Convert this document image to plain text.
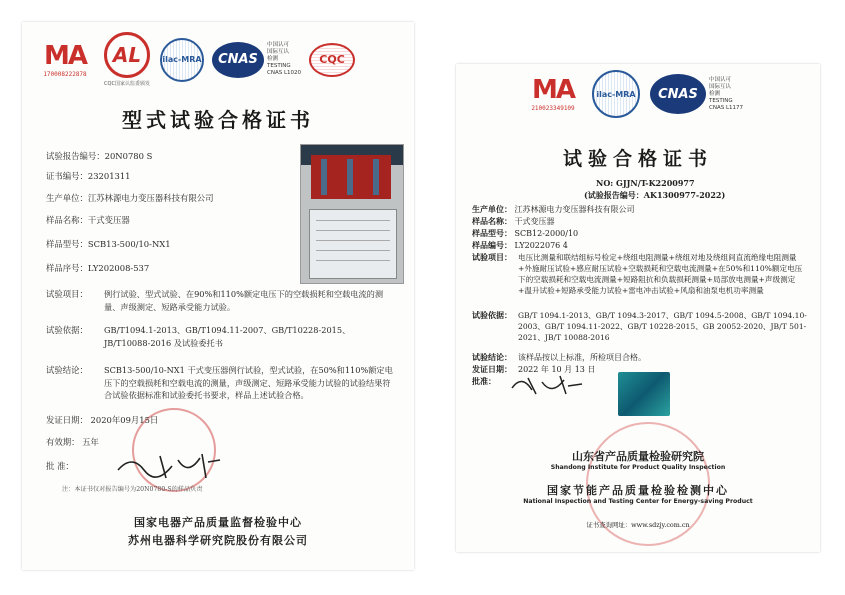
MA
170008222878
AL
CQC国家认监委颁发
ilac-MRA	CNAS
中国认可
国际互认
检测
TESTING
CNAS L1020
CQC
型式试验合格证书
试验报告编号：20N0780 S
证书编号：23201311
生产单位：江苏林源电力变压器科技有限公司
样品名称：干式变压器
样品型号：SCB13-500/10-NX1
样品序号：LY202008-537
试验项目： 例行试验、型式试验、在90%和110%额定电压下的空载损耗和空载电流的测量、声级测定、短路承受能力试验。
试验依据： GB/T1094.1-2013、GB/T1094.11-2007、GB/T10228-2015、JB/T10088-2016 及试验委托书
试验结论： SCB13-500/10-NX1 干式变压器例行试验，型式试验，在50%和110%额定电压下的空载损耗和空载电流的测量，声级测定、短路承受能力试验的试验结果符合试验依据标准和试验委托书要求，样品上述试验合格。
发证日期： 2020年09月15日
有效期： 五年
批 准：
注：本证书仅对报告编号为20N0780-S的样品负责
国家电器产品质量监督检验中心
苏州电器科学研究院股份有限公司
MA
210023349109
ilac-MRA	CNAS
中国认可
国际互认
检测
TESTING
CNAS L1177
试验合格证书
NO: GJJN/T-K2200977
(试验报告编号：AK1300977-2022)
生产单位： 江苏林源电力变压器科技有限公司
样品名称： 干式变压器
样品型号： SCB12-2000/10
样品编号： LY2022076 4
试验项目： 电压比测量和联结组标号检定+绕组电阻测量+绕组对地及绕组间直流绝缘电阻测量+外施耐压试验+感应耐压试验+空载损耗和空载电流测量+在50%和110%额定电压下的空载损耗和空载电流测量+短路阻抗和负载损耗测量+局部放电测量+声级测定+温升试验+短路承受能力试验+雷电冲击试验+风扇和油泵电机功率测量
试验依据： GB/T 1094.1-2013、GB/T 1094.3-2017、GB/T 1094.5-2008、GB/T 1094.10-2003、GB/T 1094.11-2022、GB/T 10228-2015、GB 20052-2020、JB/T 501-2021、JB/T 10088-2016
试验结论： 该样品按以上标准，所检项目合格。
发证日期： 2022 年 10 月 13 日
批准：
山东省产品质量检验研究院
Shandong Institute for Product Quality Inspection
国家节能产品质量检验检测中心
National Inspection and Testing Center for Energy-saving Product
证书查询网址：www.sdzjy.com.cn
